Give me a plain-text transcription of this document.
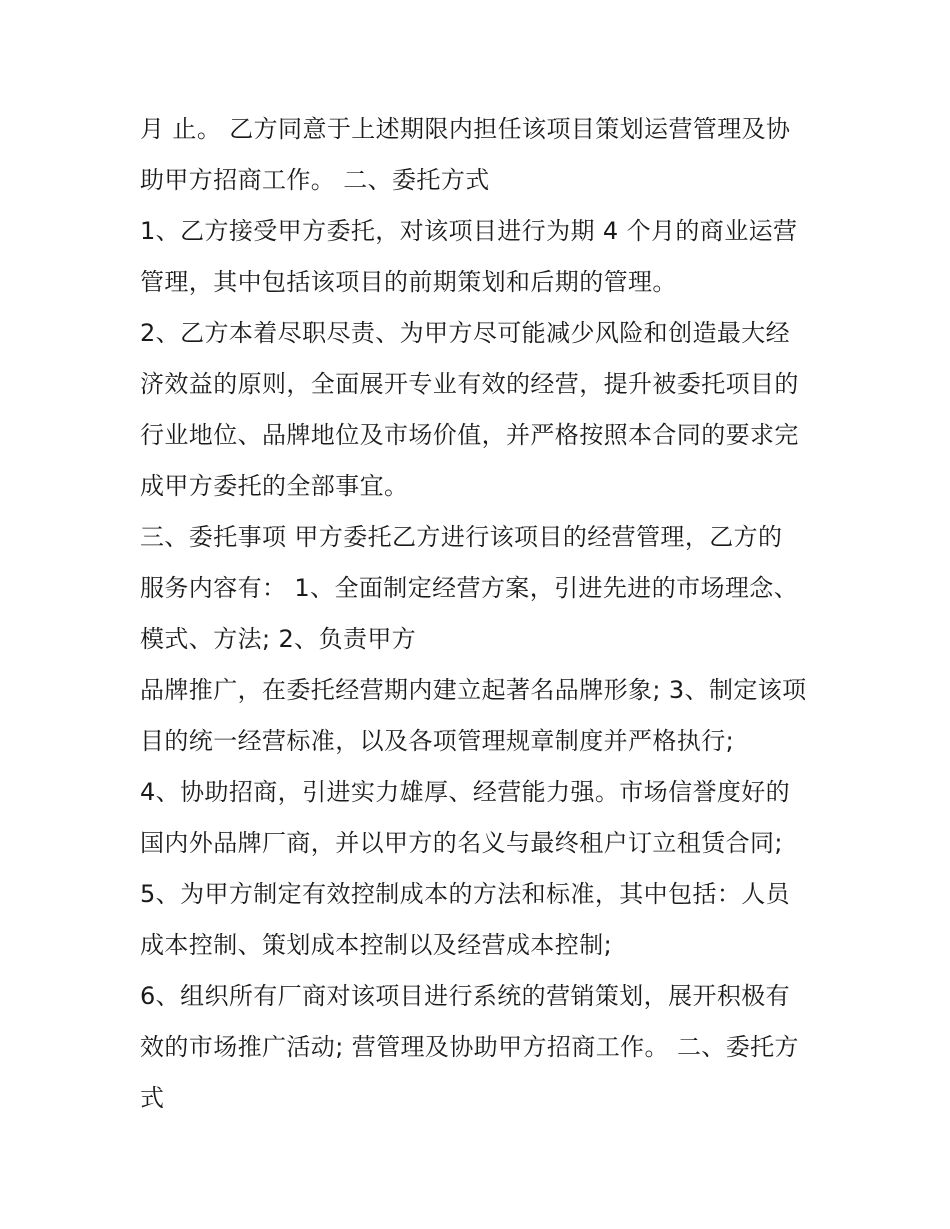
月 止。 乙方同意于上述期限内担任该项目策划运营管理及协
助甲方招商工作。 二、委托方式
1、乙方接受甲方委托，对该项目进行为期 4 个月的商业运营
管理，其中包括该项目的前期策划和后期的管理。
2、乙方本着尽职尽责、为甲方尽可能减少风险和创造最大经
济效益的原则，全面展开专业有效的经营，提升被委托项目的
行业地位、品牌地位及市场价值，并严格按照本合同的要求完
成甲方委托的全部事宜。
三、委托事项 甲方委托乙方进行该项目的经营管理，乙方的
服务内容有： 1、全面制定经营方案，引进先进的市场理念、
模式、方法; 2、负责甲方
品牌推广，在委托经营期内建立起著名品牌形象; 3、制定该项
目的统一经营标准，以及各项管理规章制度并严格执行;
4、协助招商，引进实力雄厚、经营能力强。市场信誉度好的
国内外品牌厂商，并以甲方的名义与最终租户订立租赁合同;
5、为甲方制定有效控制成本的方法和标准，其中包括：人员
成本控制、策划成本控制以及经营成本控制;
6、组织所有厂商对该项目进行系统的营销策划，展开积极有
效的市场推广活动; 营管理及协助甲方招商工作。 二、委托方
式
